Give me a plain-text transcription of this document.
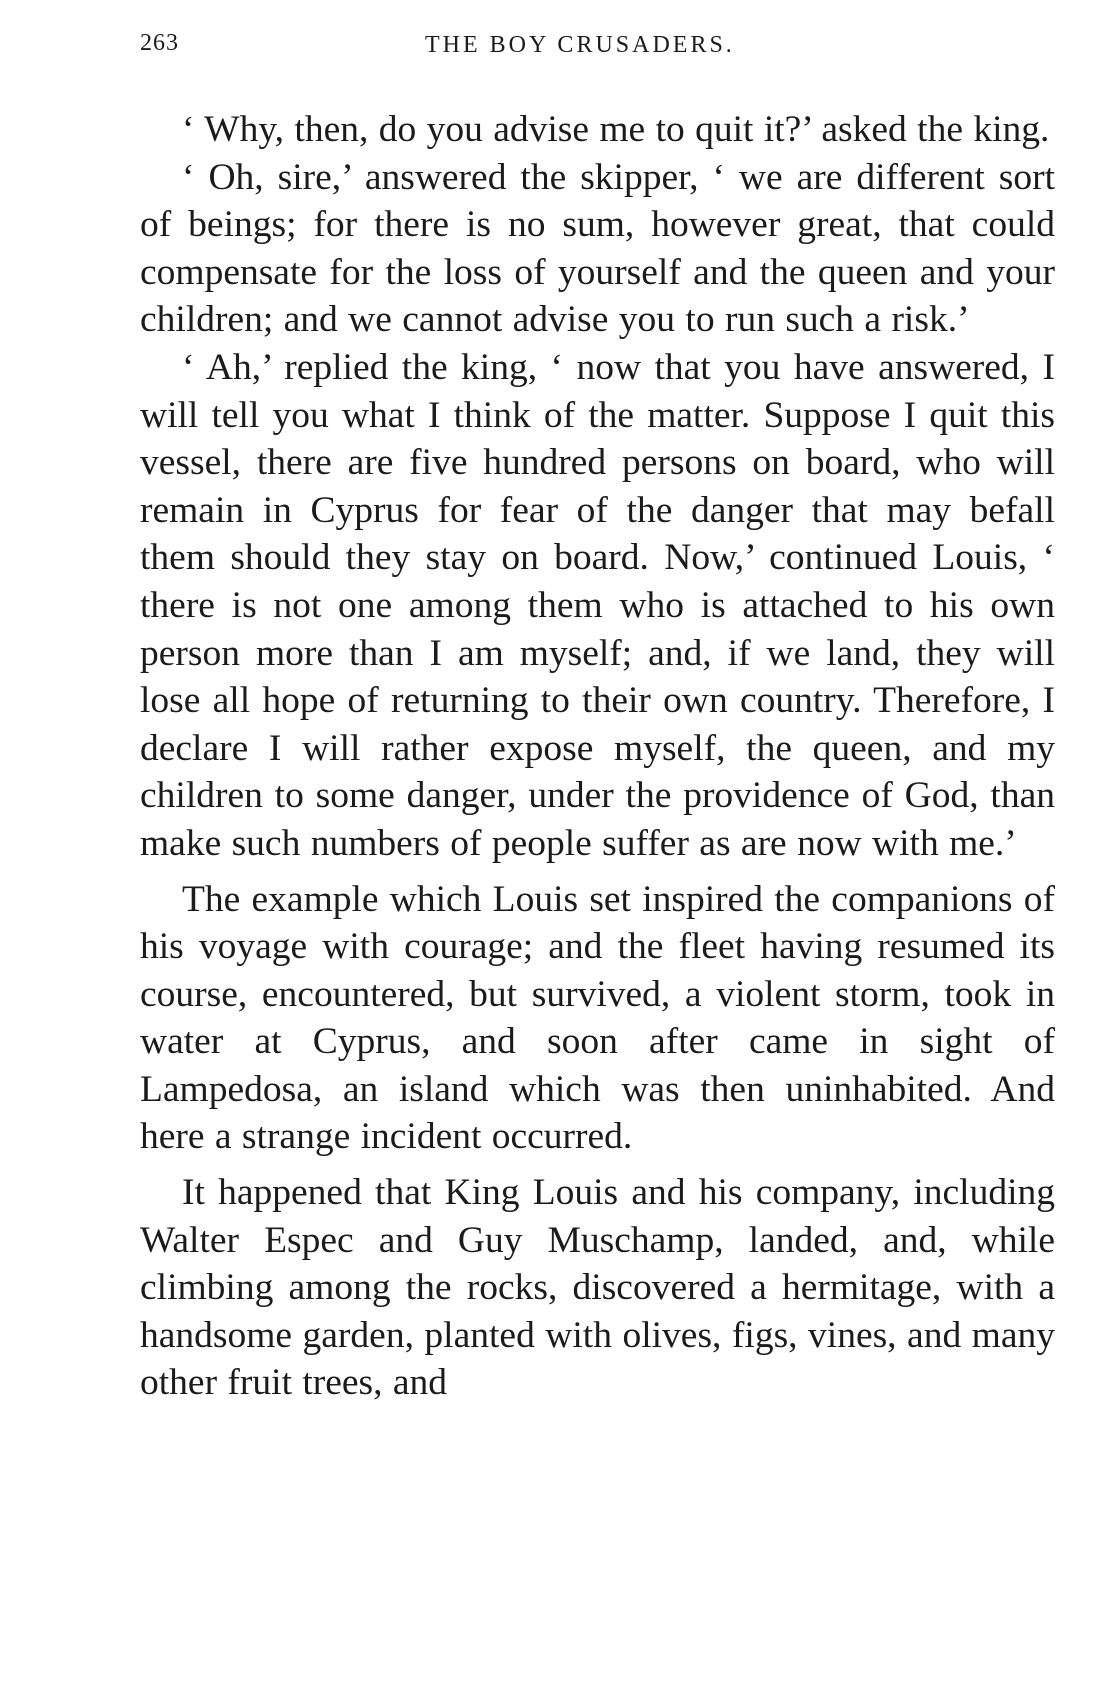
263	THE BOY CRUSADERS.

‘ Why, then, do you advise me to quit it?’ asked the king.

‘ Oh, sire,’ answered the skipper, ‘ we are different sort of beings; for there is no sum, however great, that could compensate for the loss of yourself and the queen and your children; and we cannot advise you to run such a risk.’

‘ Ah,’ replied the king, ‘ now that you have answered, I will tell you what I think of the matter. Suppose I quit this vessel, there are five hundred persons on board, who will remain in Cyprus for fear of the danger that may befall them should they stay on board. Now,’ continued Louis, ‘ there is not one among them who is attached to his own person more than I am myself; and, if we land, they will lose all hope of returning to their own country. Therefore, I declare I will rather expose myself, the queen, and my children to some danger, under the providence of God, than make such numbers of people suffer as are now with me.’

The example which Louis set inspired the companions of his voyage with courage; and the fleet having resumed its course, encountered, but survived, a violent storm, took in water at Cyprus, and soon after came in sight of Lampedosa, an island which was then uninhabited. And here a strange incident occurred.

It happened that King Louis and his company, including Walter Espec and Guy Muschamp, landed, and, while climbing among the rocks, discovered a hermitage, with a handsome garden, planted with olives, figs, vines, and many other fruit trees, and
